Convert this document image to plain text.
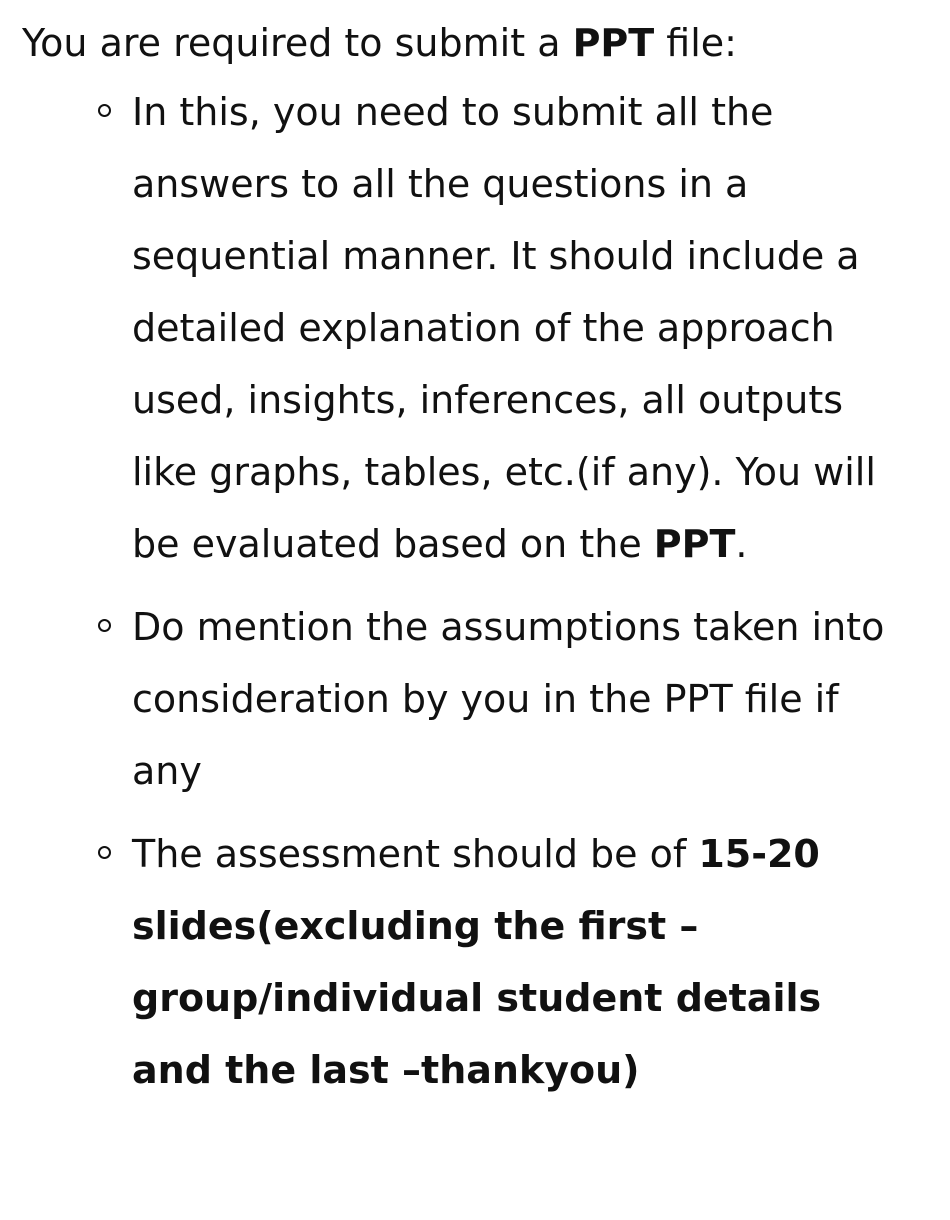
You are required to submit a PPT file:

In this, you need to submit all the answers to all the questions in a sequential manner. It should include a detailed explanation of the approach used, insights, inferences, all outputs like graphs, tables, etc.(if any). You will be evaluated based on the PPT.
Do mention the assumptions taken into consideration by you in the PPT file if any
The assessment should be of 15-20 slides(excluding the first –group/individual student details and the last –thankyou)
